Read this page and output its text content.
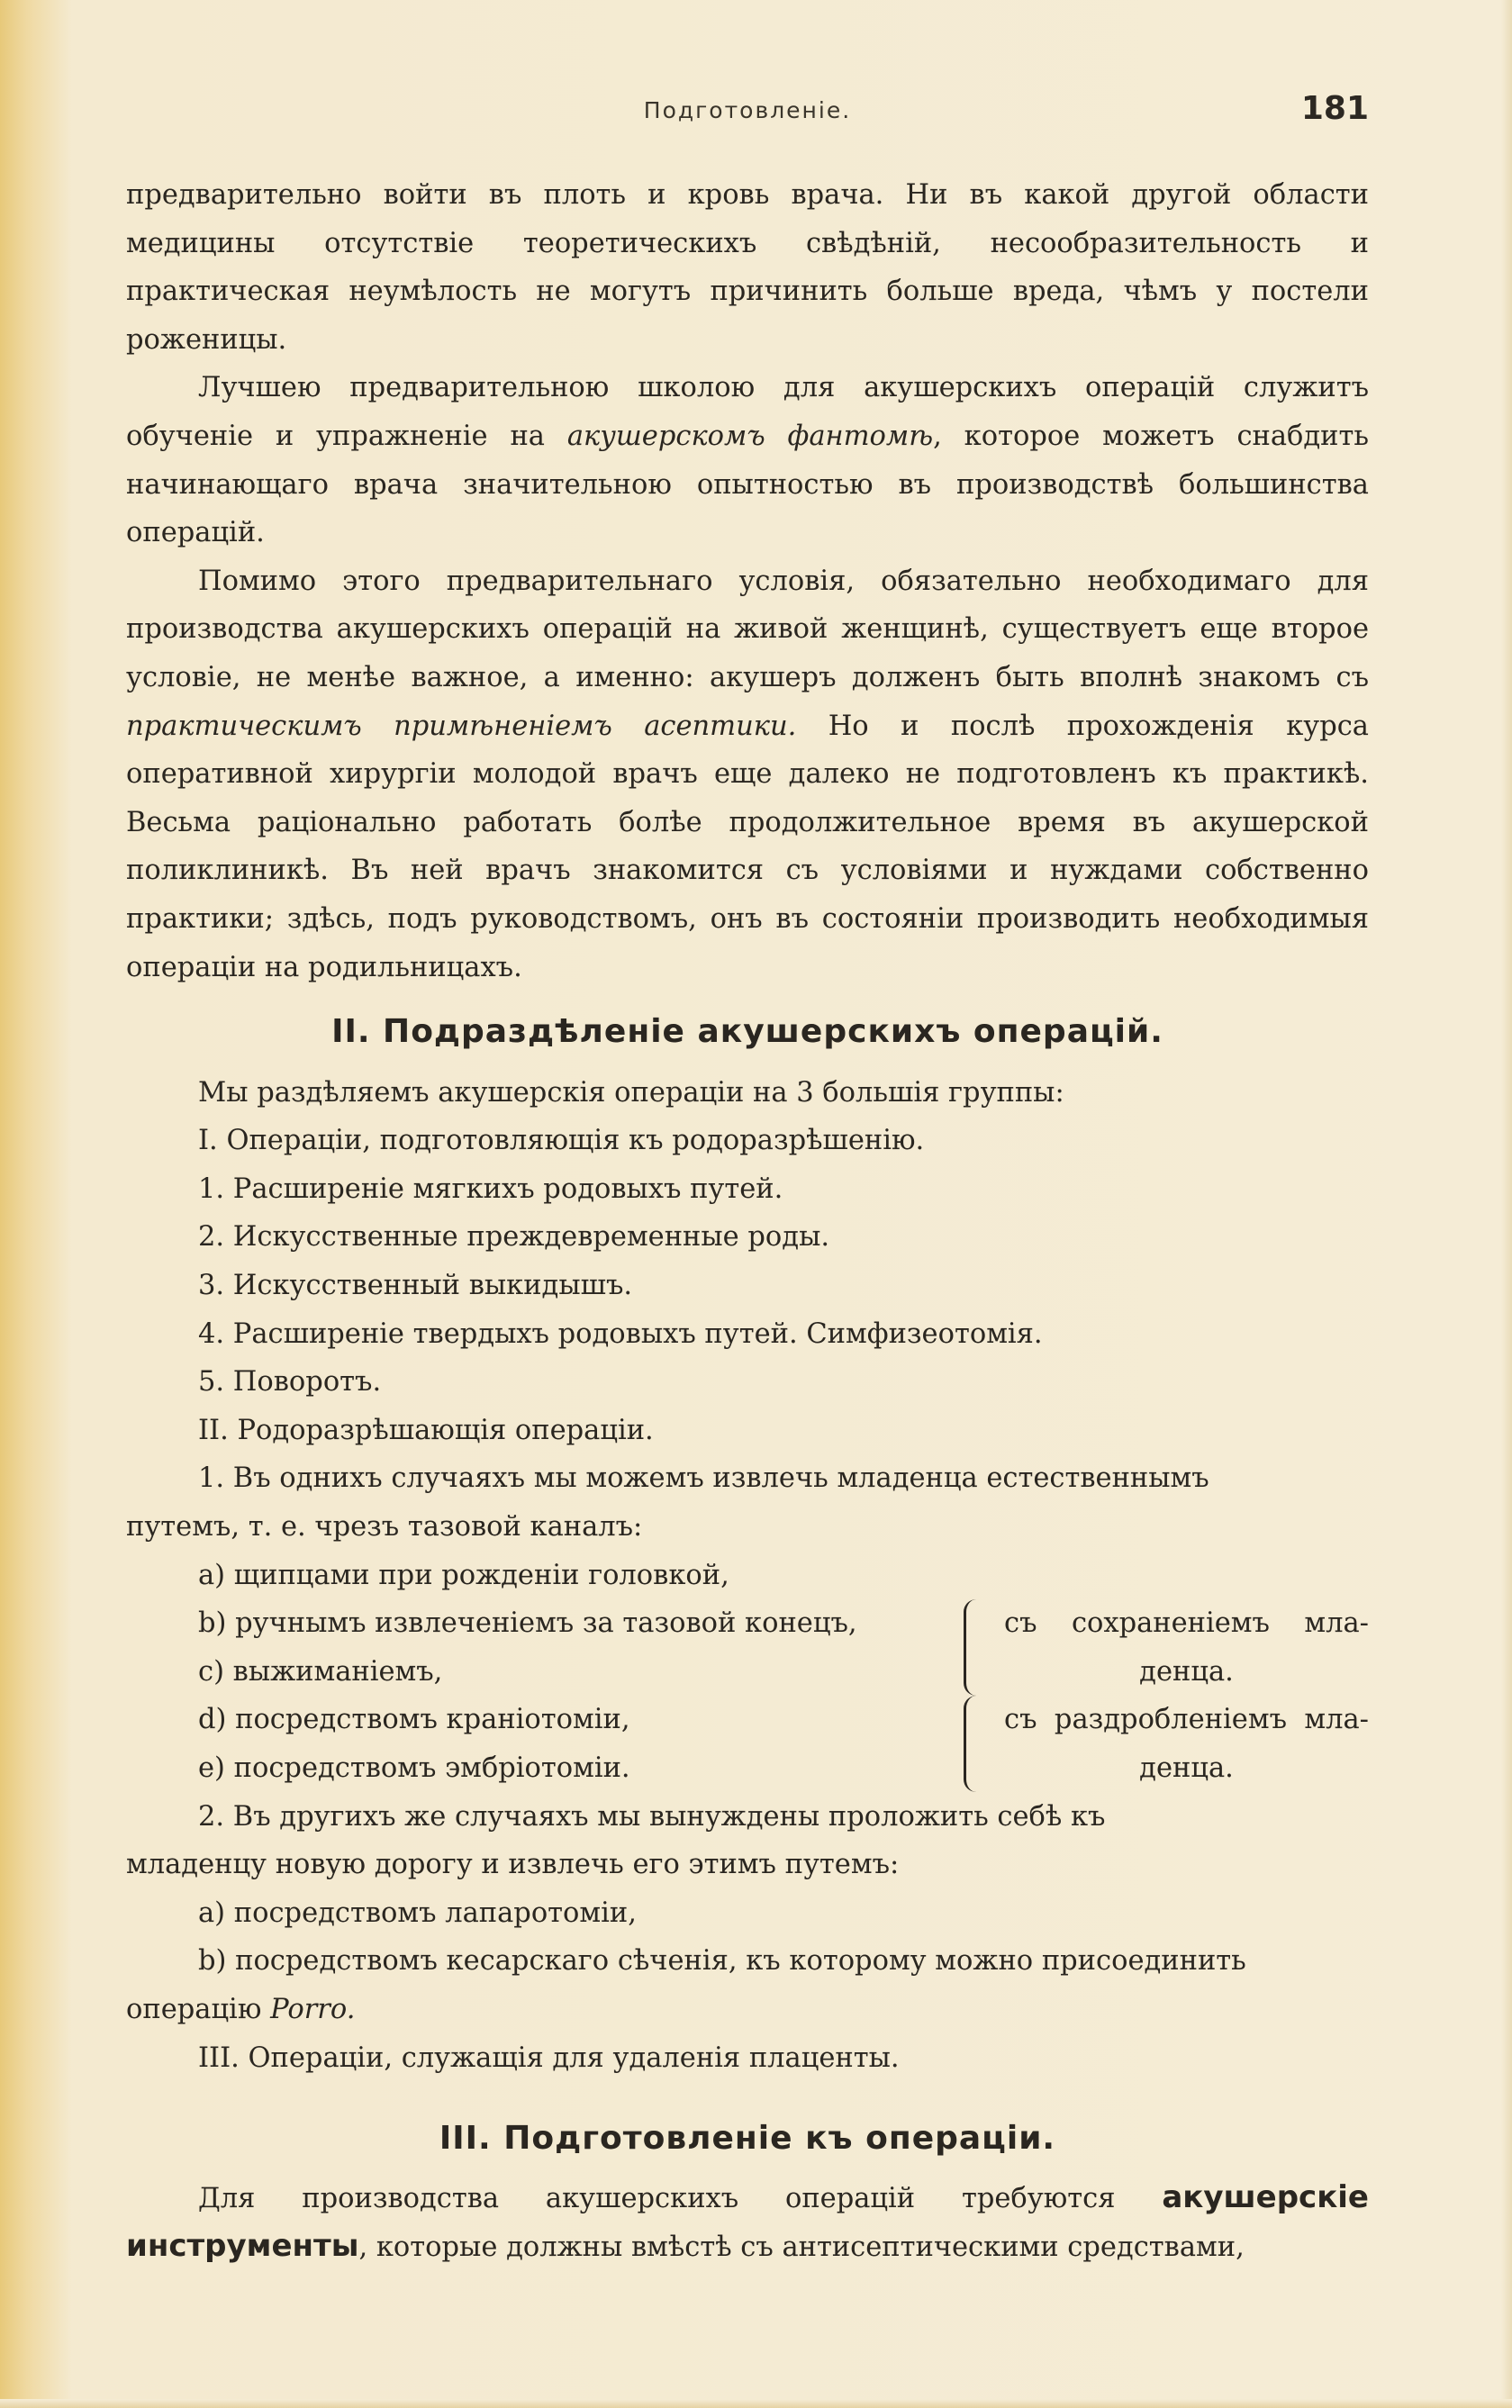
Подготовленіе.	181
предварительно войти въ плоть и кровь врача. Ни въ какой другой области медицины отсутствіе теоретическихъ свѣдѣній, несообразительность и практическая неумѣлость не могутъ причинить больше вреда, чѣмъ у постели роженицы.
Лучшею предварительною школою для акушерскихъ операцій служитъ обученіе и упражненіе на акушерскомъ фантомѣ, которое можетъ снабдить начинающаго врача значительною опытностью въ производствѣ большинства операцій.
Помимо этого предварительнаго условія, обязательно необходимаго для производства акушерскихъ операцій на живой женщинѣ, существуетъ еще второе условіе, не менѣе важное, а именно: акушеръ долженъ быть вполнѣ знакомъ съ практическимъ примѣненіемъ асептики. Но и послѣ прохожденія курса оперативной хирургіи молодой врачъ еще далеко не подготовленъ къ практикѣ. Весьма раціонально работать болѣе продолжительное время въ акушерской поликлиникѣ. Въ ней врачъ знакомится съ условіями и нуждами собственно практики; здѣсь, подъ руководствомъ, онъ въ состояніи производить необходимыя операціи на родильницахъ.
II. Подраздѣленіе акушерскихъ операцій.
Мы раздѣляемъ акушерскія операціи на 3 большія группы:
I. Операціи, подготовляющія къ родоразрѣшенію.
1. Расширеніе мягкихъ родовыхъ путей.
2. Искусственные преждевременные роды.
3. Искусственный выкидышъ.
4. Расширеніе твердыхъ родовыхъ путей. Симфизеотомія.
5. Поворотъ.
II. Родоразрѣшающія операціи.
1. Въ однихъ случаяхъ мы можемъ извлечь младенца естественнымъ
путемъ, т. е. чрезъ тазовой каналъ:
a) щипцами при рожденіи головкой,
съ сохраненіемъ мла-
денца.
b) ручнымъ извлеченіемъ за тазовой конецъ,
c) выжиманіемъ,
съ раздробленіемъ мла-
денца.
d) посредствомъ краніотоміи,
e) посредствомъ эмбріотоміи.
2. Въ другихъ же случаяхъ мы вынуждены проложить себѣ къ
младенцу новую дорогу и извлечь его этимъ путемъ:
a) посредствомъ лапаротоміи,
b) посредствомъ кесарскаго сѣченія, къ которому можно присоединить
операцію Porro.
III. Операціи, служащія для удаленія плаценты.
III. Подготовленіе къ операціи.
Для производства акушерскихъ операцій требуются акушерскіе инструменты, которые должны вмѣстѣ съ антисептическими средствами,
